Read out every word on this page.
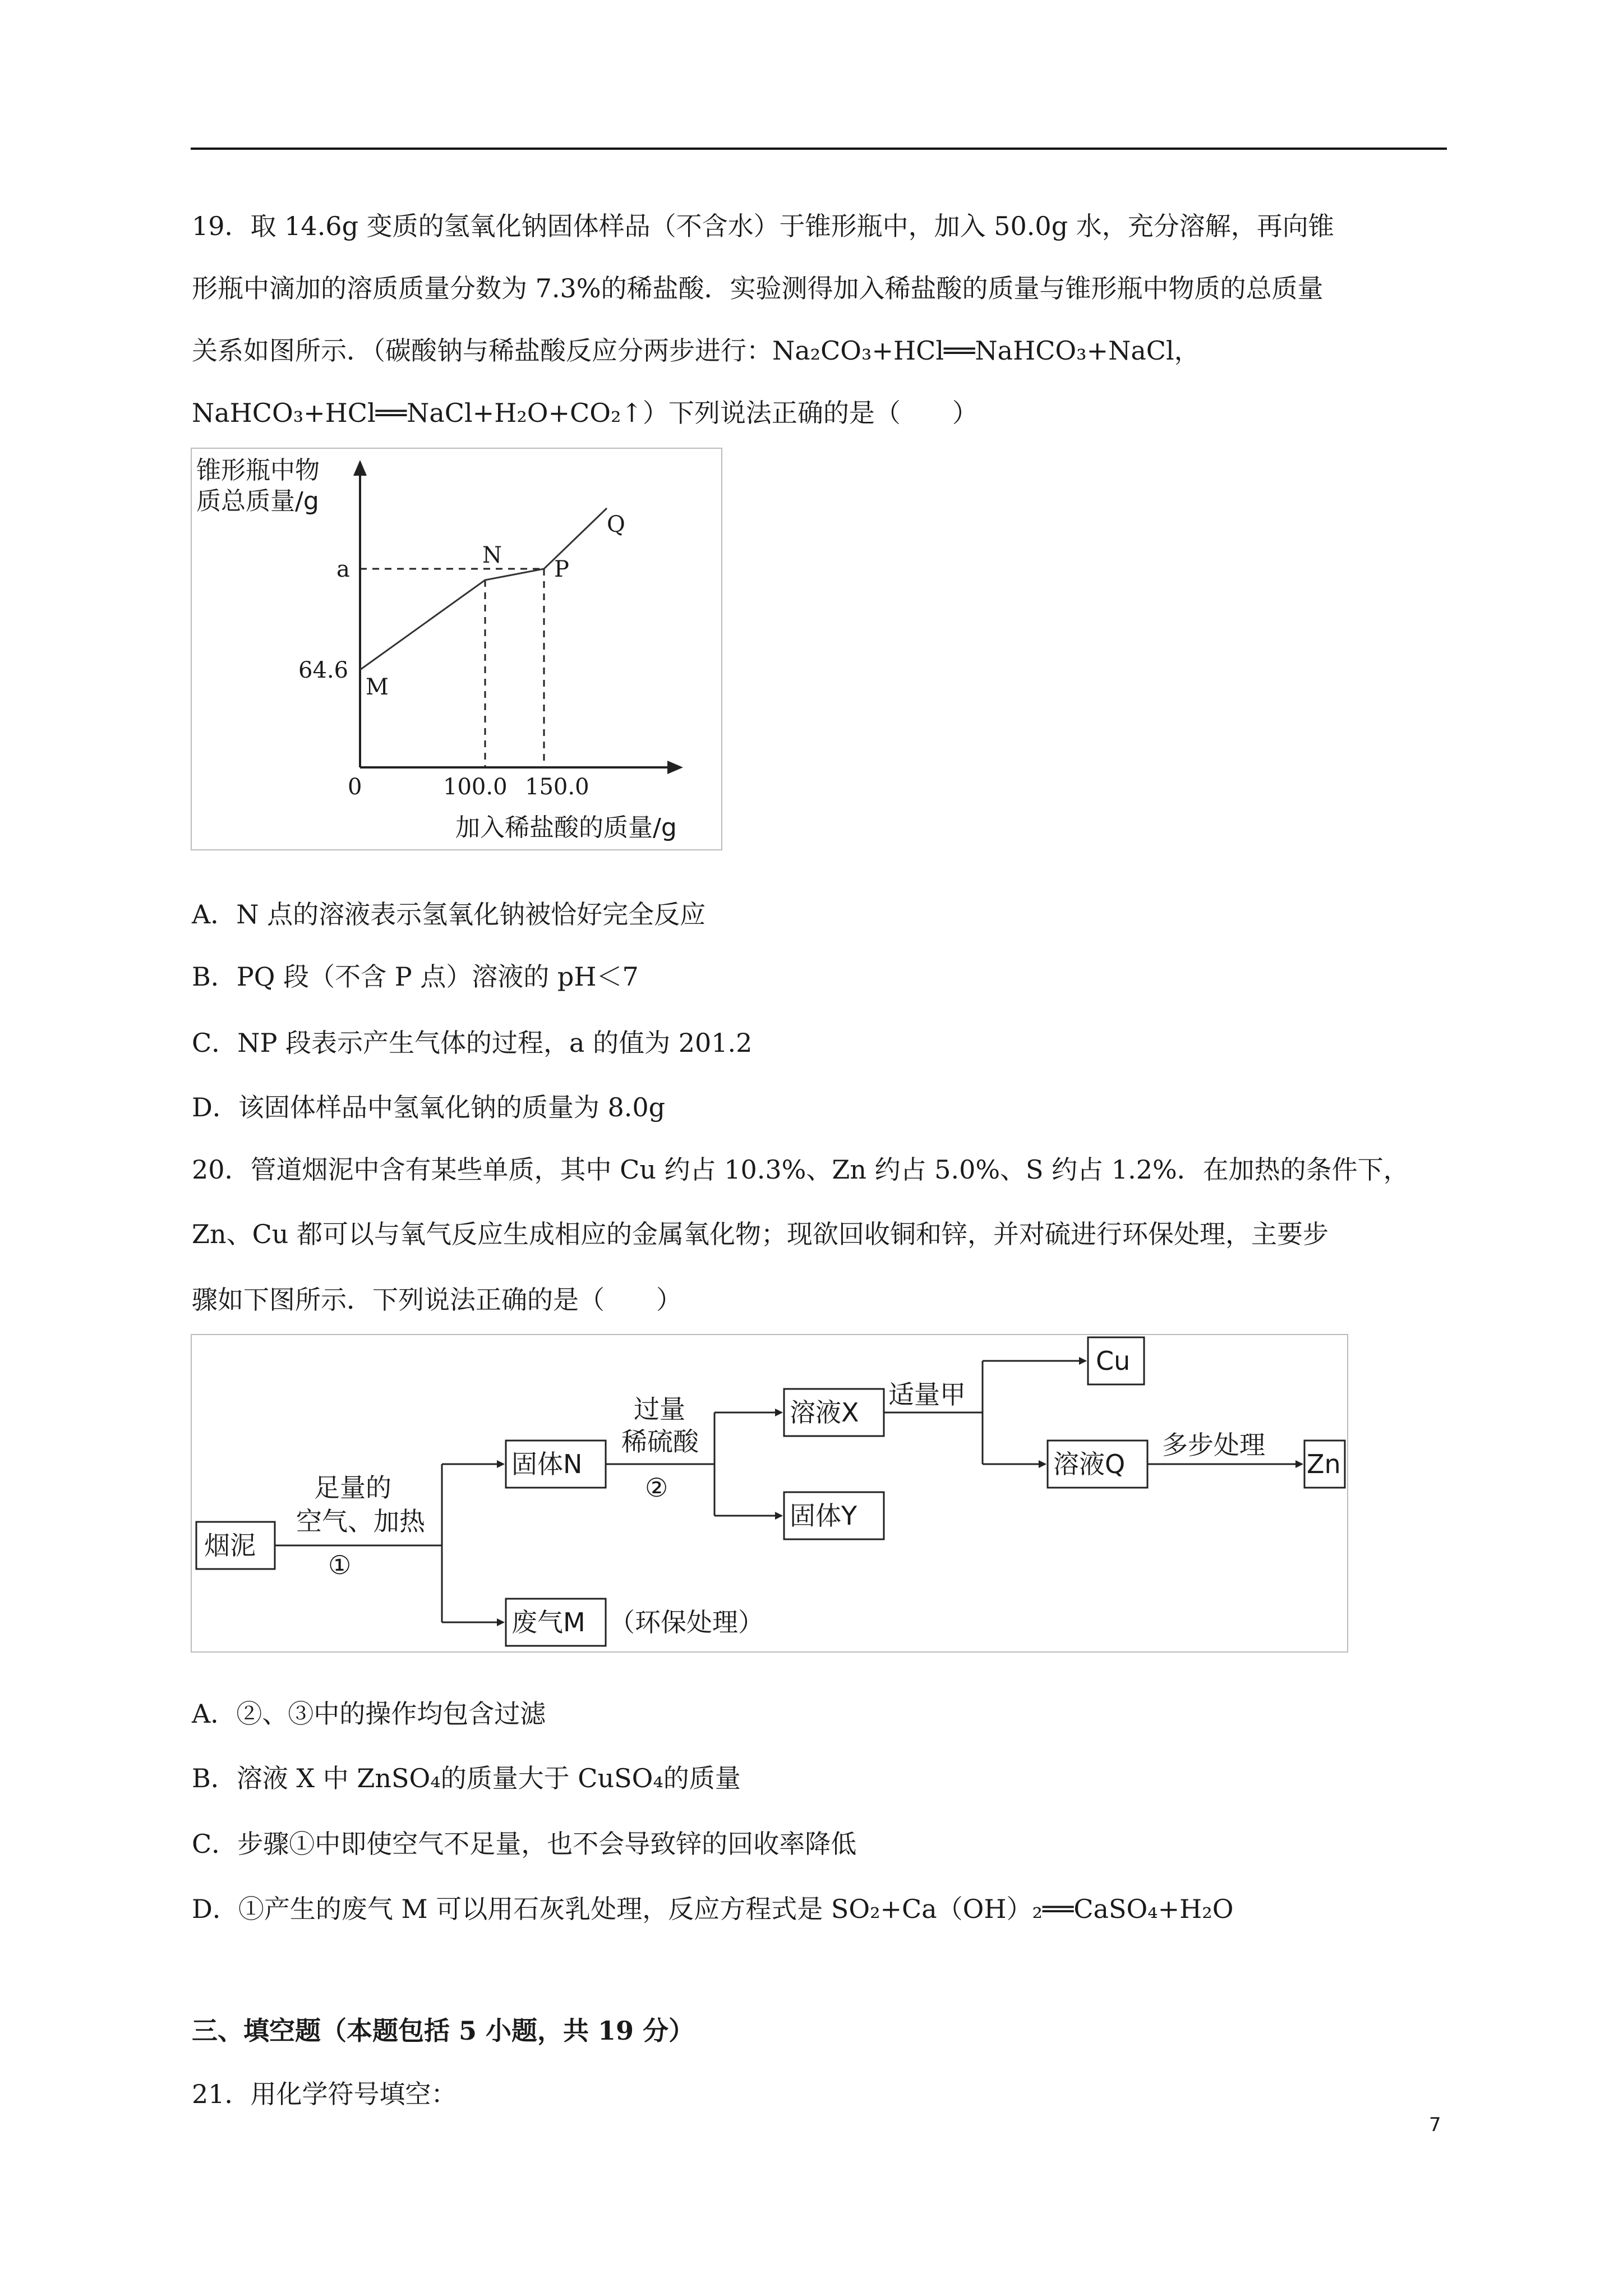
19．取 14.6g 变质的氢氧化钠固体样品（不含水）于锥形瓶中，加入 50.0g 水，充分溶解，再向锥
形瓶中滴加的溶质质量分数为 7.3%的稀盐酸．实验测得加入稀盐酸的质量与锥形瓶中物质的总质量
关系如图所示．（碳酸钠与稀盐酸反应分两步进行：Na₂CO₃+HCl══NaHCO₃+NaCl，
NaHCO₃+HCl══NaCl+H₂O+CO₂↑）下列说法正确的是（　　）
锥形瓶中物
质总质量/g
a
64.6
M
N
P
Q
0	100.0 150.0
加入稀盐酸的质量/g
A．N 点的溶液表示氢氧化钠被恰好完全反应
B．PQ 段（不含 P 点）溶液的 pH＜7
C．NP 段表示产生气体的过程，a 的值为 201.2
D．该固体样品中氢氧化钠的质量为 8.0g
20．管道烟泥中含有某些单质，其中 Cu 约占 10.3%、Zn 约占 5.0%、S 约占 1.2%．在加热的条件下，
Zn、Cu 都可以与氧气反应生成相应的金属氧化物；现欲回收铜和锌，并对硫进行环保处理，主要步
骤如下图所示．下列说法正确的是（　　）
烟泥
固体N
废气M （环保处理）
溶液X
固体Y
Cu
溶液Q	Zn
足量的
空气、加热
①
过量
稀硫酸
②
适量甲
多步处理
A．②、③中的操作均包含过滤
B．溶液 X 中 ZnSO₄的质量大于 CuSO₄的质量
C．步骤①中即使空气不足量，也不会导致锌的回收率降低
D．①产生的废气 M 可以用石灰乳处理，反应方程式是 SO₂+Ca（OH）₂══CaSO₄+H₂O
三、填空题（本题包括 5 小题，共 19 分）
21．用化学符号填空：
7
